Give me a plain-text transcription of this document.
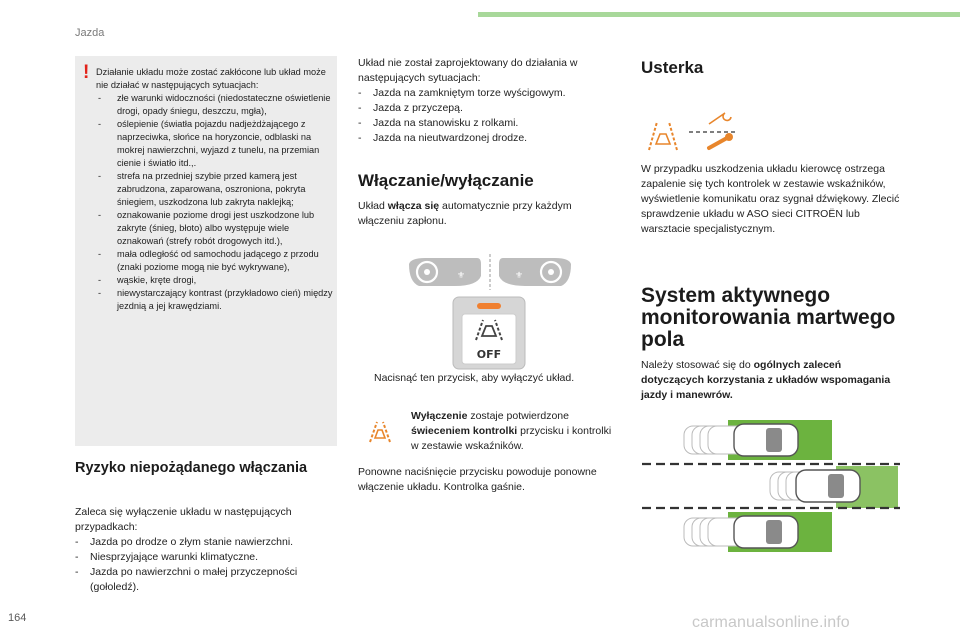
Jazda
! Działanie układu może zostać zakłócone lub układ może nie działać w następujących sytuacjach:

- złe warunki widoczności (niedostateczne oświetlenie drogi, opady śniegu, deszczu, mgła),
- oślepienie (światła pojazdu nadjeżdżającego z naprzeciwka, słońce na horyzoncie, odblaski na mokrej nawierzchni, wyjazd z tunelu, na przemian cienie i światło itd.,.
- strefa na przedniej szybie przed kamerą jest zabrudzona, zaparowana, oszroniona, pokryta śniegiem, uszkodzona lub zakryta naklejką;
- oznakowanie poziome drogi jest uszkodzone lub zakryte (śnieg, błoto) albo występuje wiele oznakowań (strefy robót drogowych itd.),
- mała odległość od samochodu jadącego z przodu (znaki poziome mogą nie być wykrywane),
- wąskie, kręte drogi,
- niewystarczający kontrast (przykładowo cień) między jezdnią a jej krawędziami.
Ryzyko niepożądanego włączania

Zaleca się wyłączenie układu w następujących przypadkach:

- Jazda po drodze o złym stanie nawierzchni.
- Niesprzyjające warunki klimatyczne.
- Jazda po nawierzchni o małej przyczepności (gołoledź).

Układ nie został zaprojektowany do działania w następujących sytuacjach:

- Jazda na zamkniętym torze wyścigowym.
- Jazda z przyczepą.
- Jazda na stanowisku z rolkami.
- Jazda na nieutwardzonej drodze.
Włączanie/wyłączanie

Układ włącza się automatycznie przy każdym włączeniu zapłonu.

⚜	⚜
OFF

Nacisnąć ten przycisk, aby wyłączyć układ.

Wyłączenie zostaje potwierdzone świeceniem kontrolki przycisku i kontrolki w zestawie wskaźników.

Ponowne naciśnięcie przycisku powoduje ponowne włączenie układu. Kontrolka gaśnie.

Usterka

W przypadku uszkodzenia układu kierowcę ostrzega zapalenie się tych kontrolek w zestawie wskaźników, wyświetlenie komunikatu oraz sygnał dźwiękowy. Zlecić sprawdzenie układu w ASO sieci CITROËN lub warsztacie specjalistycznym.

System aktywnego monitorowania martwego pola

Należy stosować się do ogólnych zaleceń dotyczących korzystania z układów wspomagania jazdy i manewrów.

164	carmanualsonline.info
